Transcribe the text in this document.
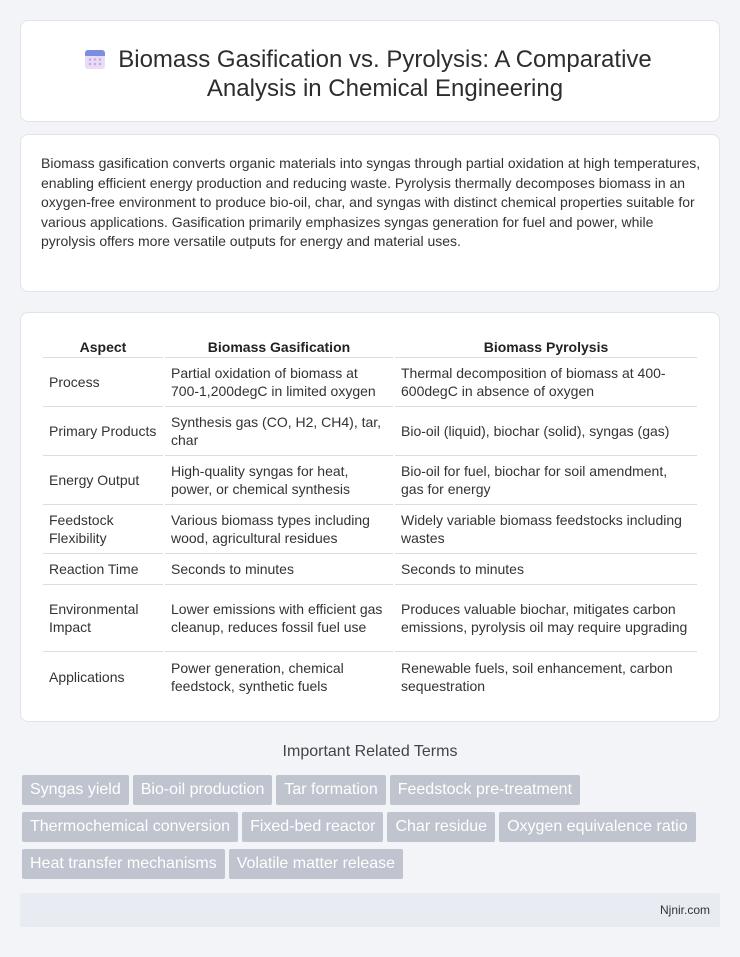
Biomass Gasification vs. Pyrolysis: A Comparative Analysis in Chemical Engineering

Biomass gasification converts organic materials into syngas through partial oxidation at high temperatures, enabling efficient energy production and reducing waste. Pyrolysis thermally decomposes biomass in an oxygen-free environment to produce bio-oil, char, and syngas with distinct chemical properties suitable for various applications. Gasification primarily emphasizes syngas generation for fuel and power, while pyrolysis offers more versatile outputs for energy and material uses.

Aspect	Biomass Gasification	Biomass Pyrolysis
Process	Partial oxidation of biomass at 700-1,200degC in limited oxygen	Thermal decomposition of biomass at 400-600degC in absence of oxygen
Primary Products	Synthesis gas (CO, H2, CH4), tar, char	Bio-oil (liquid), biochar (solid), syngas (gas)
Energy Output	High-quality syngas for heat, power, or chemical synthesis	Bio-oil for fuel, biochar for soil amendment, gas for energy
Feedstock Flexibility	Various biomass types including wood, agricultural residues	Widely variable biomass feedstocks including wastes
Reaction Time	Seconds to minutes	Seconds to minutes
Environmental Impact	Lower emissions with efficient gas cleanup, reduces fossil fuel use	Produces valuable biochar, mitigates carbon emissions, pyrolysis oil may require upgrading
Applications	Power generation, chemical feedstock, synthetic fuels	Renewable fuels, soil enhancement, carbon sequestration
Important Related Terms
Syngas yield Bio-oil production Tar formation Feedstock pre-treatment
Thermochemical conversion Fixed-bed reactor Char residue Oxygen equivalence ratio
Heat transfer mechanisms Volatile matter release
Njnir.com
